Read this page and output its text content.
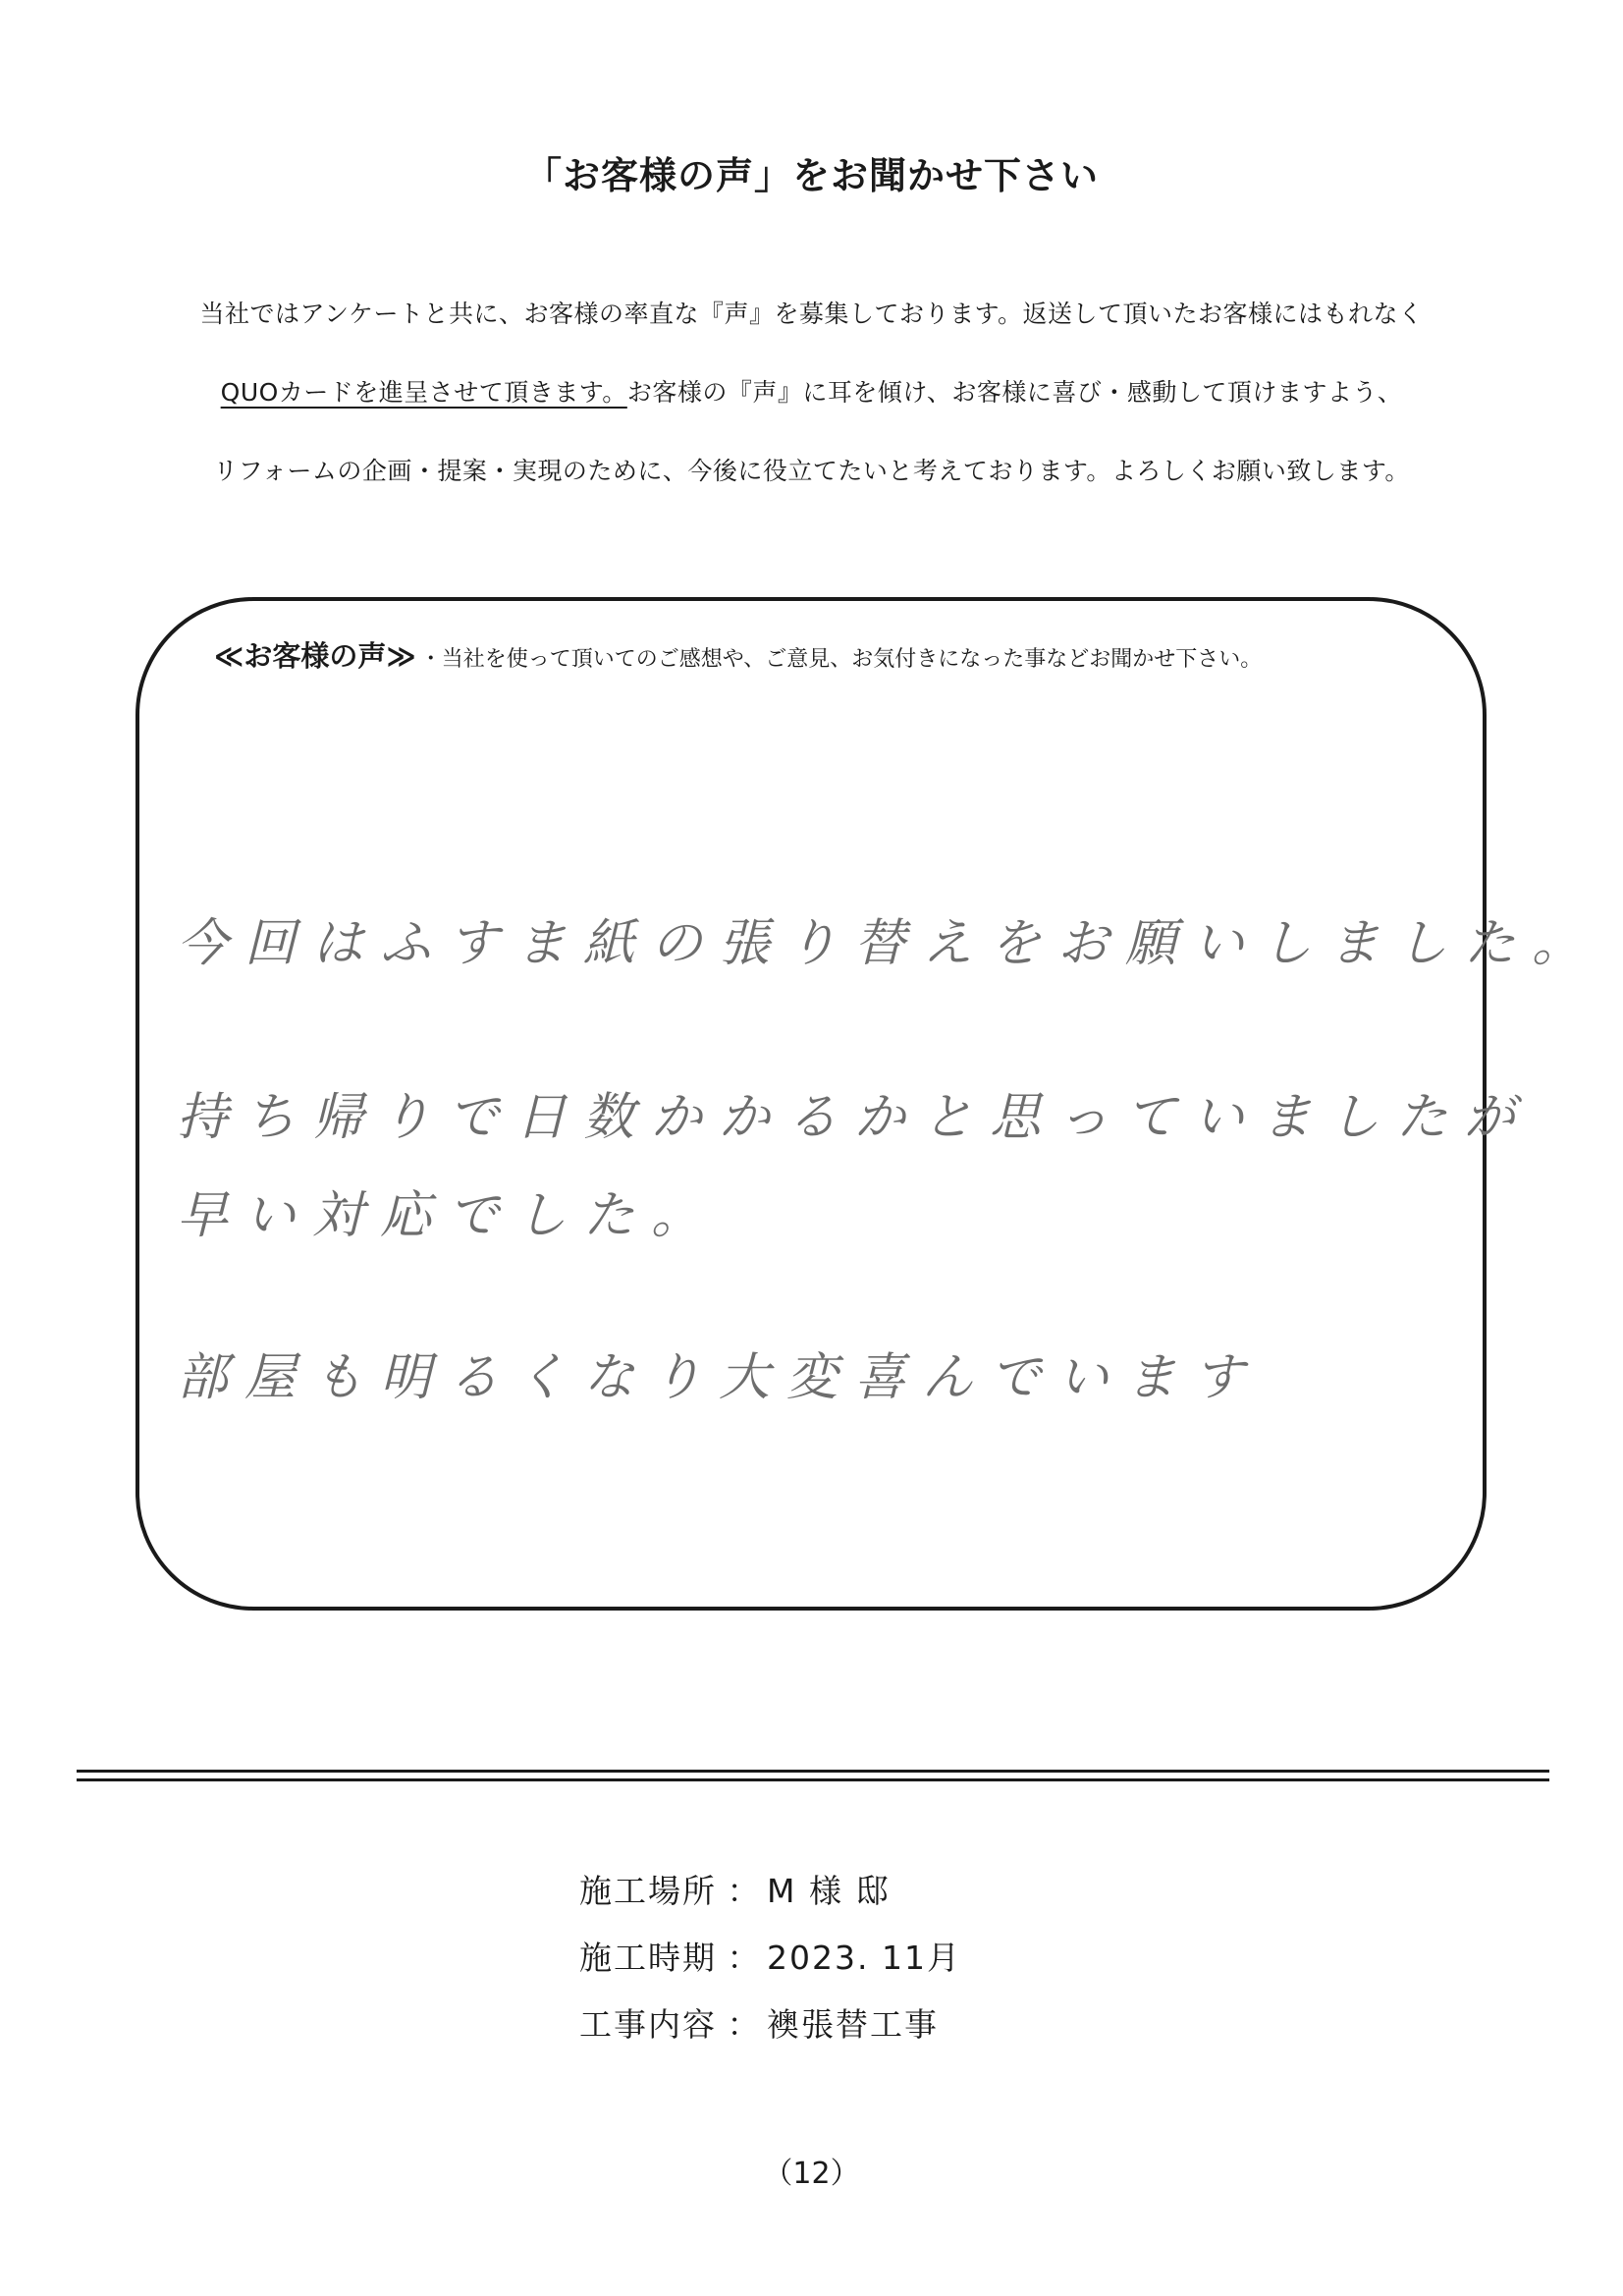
「お客様の声」をお聞かせ下さい
当社ではアンケートと共に、お客様の率直な『声』を募集しております。返送して頂いたお客様にはもれなく
QUOカードを進呈させて頂きます。お客様の『声』に耳を傾け、お客様に喜び・感動して頂けますよう、
リフォームの企画・提案・実現のために、今後に役立てたいと考えております。よろしくお願い致します。
≪お客様の声≫ ・当社を使って頂いてのご感想や、ご意見、お気付きになった事などお聞かせ下さい。
今回はふすま紙の張り替えをお願いしました。
持ち帰りで日数かかるかと思っていましたが
早い対応でした。
部屋も明るくなり大変喜んでいます
施工場所 ： M 様 邸
施工時期 ： 2023. 11月
工事内容 ： 襖張替工事
（12）
